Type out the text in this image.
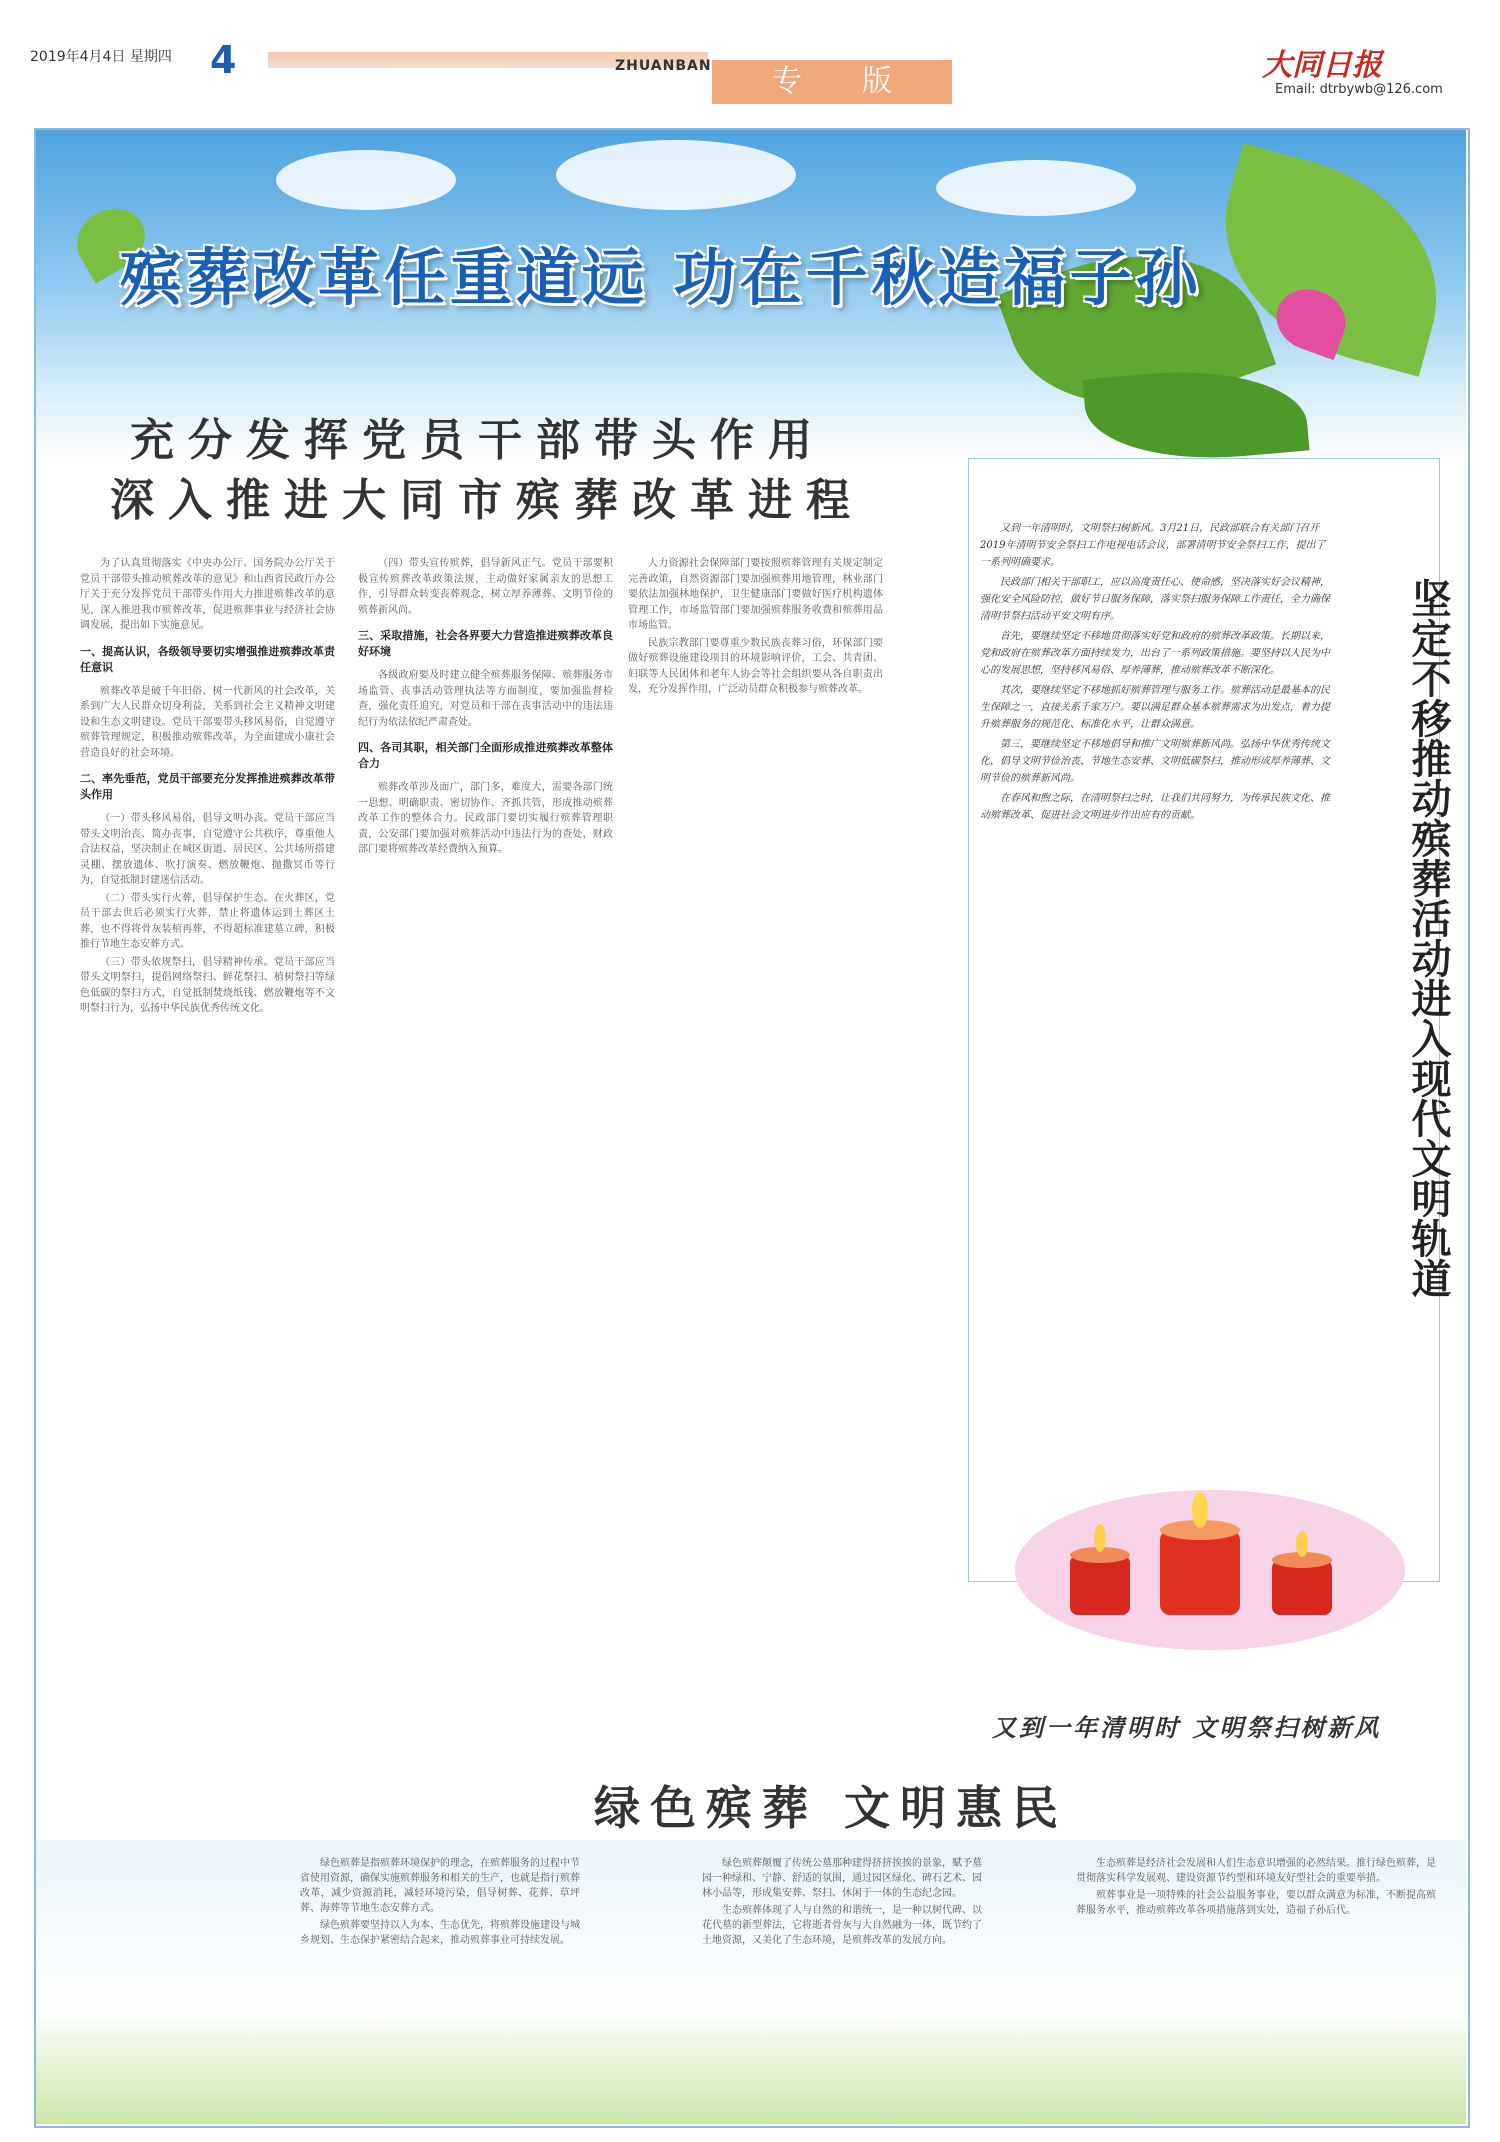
2019年4月4日 星期四 4	ZHUANBAN	专版	大同日报
Email: dtrbywb@126.com
殡葬改革任重道远 功在千秋造福子孙
充分发挥党员干部带头作用
深入推进大同市殡葬改革进程

为了认真贯彻落实《中央办公厅、国务院办公厅关于党员干部带头推动殡葬改革的意见》和山西省民政厅办公厅关于充分发挥党员干部带头作用大力推进殡葬改革的意见，深入推进我市殡葬改革，促进殡葬事业与经济社会协调发展，提出如下实施意见。

一、提高认识，各级领导要切实增强推进殡葬改革责任意识

殡葬改革是破千年旧俗、树一代新风的社会改革，关系到广大人民群众切身利益，关系到社会主义精神文明建设和生态文明建设。党员干部要带头移风易俗，自觉遵守殡葬管理规定，积极推动殡葬改革，为全面建成小康社会营造良好的社会环境。

二、率先垂范，党员干部要充分发挥推进殡葬改革带头作用

（一）带头移风易俗，倡导文明办丧。党员干部应当带头文明治丧、简办丧事，自觉遵守公共秩序，尊重他人合法权益，坚决制止在城区街道、居民区、公共场所搭建灵棚、摆放遗体、吹打演奏、燃放鞭炮、抛撒冥币等行为，自觉抵制封建迷信活动。

（二）带头实行火葬，倡导保护生态。在火葬区，党员干部去世后必须实行火葬，禁止将遗体运到土葬区土葬，也不得将骨灰装棺再葬，不得超标准建墓立碑，积极推行节地生态安葬方式。

（三）带头依规祭扫，倡导精神传承。党员干部应当带头文明祭扫，提倡网络祭扫、鲜花祭扫、植树祭扫等绿色低碳的祭扫方式，自觉抵制焚烧纸钱、燃放鞭炮等不文明祭扫行为，弘扬中华民族优秀传统文化。

（四）带头宣传殡葬，倡导新风正气。党员干部要积极宣传殡葬改革政策法规，主动做好家属亲友的思想工作，引导群众转变丧葬观念，树立厚养薄葬、文明节俭的殡葬新风尚。

三、采取措施，社会各界要大力营造推进殡葬改革良好环境

各级政府要及时建立健全殡葬服务保障、殡葬服务市场监管、丧事活动管理执法等方面制度，要加强监督检查，强化责任追究，对党员和干部在丧事活动中的违法违纪行为依法依纪严肃查处。

四、各司其职，相关部门全面形成推进殡葬改革整体合力

殡葬改革涉及面广，部门多，难度大，需要各部门统一思想、明确职责、密切协作、齐抓共管，形成推动殡葬改革工作的整体合力。民政部门要切实履行殡葬管理职责，公安部门要加强对殡葬活动中违法行为的查处，财政部门要将殡葬改革经费纳入预算。

人力资源社会保障部门要按照殡葬管理有关规定制定完善政策，自然资源部门要加强殡葬用地管理，林业部门要依法加强林地保护，卫生健康部门要做好医疗机构遗体管理工作，市场监管部门要加强殡葬服务收费和殡葬用品市场监管。

民族宗教部门要尊重少数民族丧葬习俗，环保部门要做好殡葬设施建设项目的环境影响评价，工会、共青团、妇联等人民团体和老年人协会等社会组织要从各自职责出发，充分发挥作用，广泛动员群众积极参与殡葬改革。

又到一年清明时，文明祭扫树新风。3月21日，民政部联合有关部门召开2019年清明节安全祭扫工作电视电话会议，部署清明节安全祭扫工作，提出了一系列明确要求。

民政部门相关干部职工，应以高度责任心、使命感，坚决落实好会议精神，强化安全风险防控，做好节日服务保障，落实祭扫服务保障工作责任，全力确保清明节祭扫活动平安文明有序。

首先，要继续坚定不移地贯彻落实好党和政府的殡葬改革政策。长期以来，党和政府在殡葬改革方面持续发力，出台了一系列政策措施。要坚持以人民为中心的发展思想，坚持移风易俗、厚养薄葬，推动殡葬改革不断深化。

其次，要继续坚定不移地抓好殡葬管理与服务工作。殡葬活动是最基本的民生保障之一，直接关系千家万户。要以满足群众基本殡葬需求为出发点，着力提升殡葬服务的规范化、标准化水平，让群众满意。

第三，要继续坚定不移地倡导和推广文明殡葬新风尚。弘扬中华优秀传统文化，倡导文明节俭治丧、节地生态安葬、文明低碳祭扫，推动形成厚养薄葬、文明节俭的殡葬新风尚。

在春风和煦之际，在清明祭扫之时，让我们共同努力，为传承民族文化、推动殡葬改革、促进社会文明进步作出应有的贡献。	坚定不移推动殡葬活动进入现代文明轨道
又到一年清明时 文明祭扫树新风
绿色殡葬 文明惠民

绿色殡葬是指殡葬环境保护的理念，在殡葬服务的过程中节省使用资源，确保实施殡葬服务和相关的生产，也就是指行殡葬改革，减少资源消耗，减轻环境污染，倡导树葬、花葬、草坪葬、海葬等节地生态安葬方式。

绿色殡葬要坚持以人为本、生态优先，将殡葬设施建设与城乡规划、生态保护紧密结合起来，推动殡葬事业可持续发展。

绿色殡葬颠覆了传统公墓那种建得挤挤挨挨的景象，赋予墓园一种绿和、宁静、舒适的氛围，通过园区绿化、碑石艺术、园林小品等，形成集安葬、祭扫、休闲于一体的生态纪念园。

生态殡葬体现了人与自然的和谐统一，是一种以树代碑、以花代墓的新型葬法，它将逝者骨灰与大自然融为一体，既节约了土地资源，又美化了生态环境，是殡葬改革的发展方向。

生态殡葬是经济社会发展和人们生态意识增强的必然结果。推行绿色殡葬，是贯彻落实科学发展观、建设资源节约型和环境友好型社会的重要举措。

殡葬事业是一项特殊的社会公益服务事业，要以群众满意为标准，不断提高殡葬服务水平，推动殡葬改革各项措施落到实处，造福子孙后代。
